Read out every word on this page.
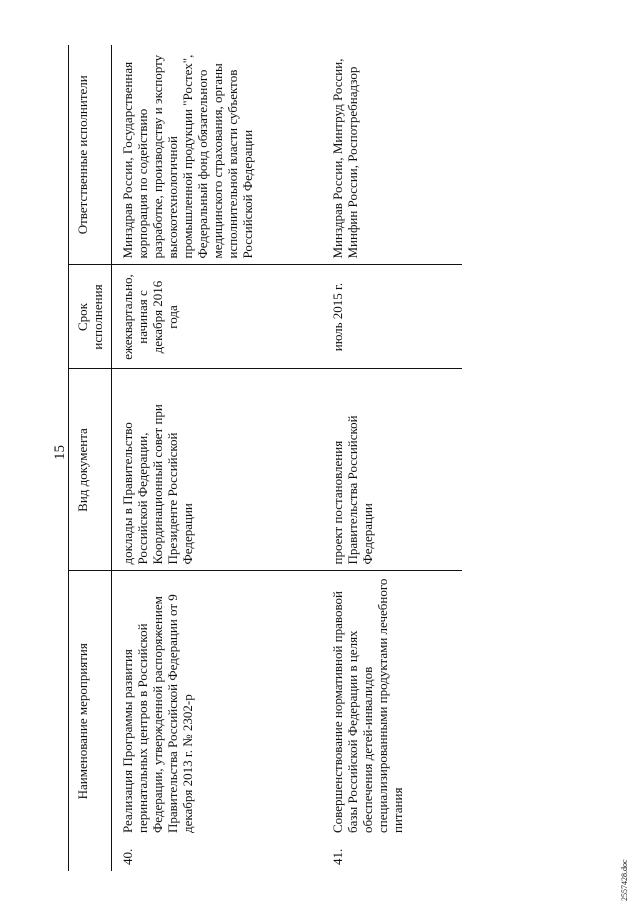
15
Наименование мероприятия	Вид документа	Срок исполнения	Ответственные исполнители

40.
Реализация Программы развития перинатальных центров в Российской Федерации, утвержденной распоряжением Правительства Российской Федерации от 9 декабря 2013 г. № 2302-р	доклады в Правительство Российской Федерации, Координационный совет при Президенте Российской Федерации	ежеквартально, начиная с декабря 2016 года	Минздрав России, Государственная корпорация по содействию разработке, производству и экспорту высокотехнологичной промышленной продукции "Ростех", Федеральный фонд обязательного медицинского страхования, органы исполнительной власти субъектов Российской Федерации

41.
Совершенствование нормативной правовой базы Российской Федерации в целях обеспечения детей-инвалидов специализированными продуктами лечебного питания	проект постановления Правительства Российской Федерации	июль 2015 г.	Минздрав России, Минтруд России, Минфин России, Роспотребнадзор
2557428.doc
